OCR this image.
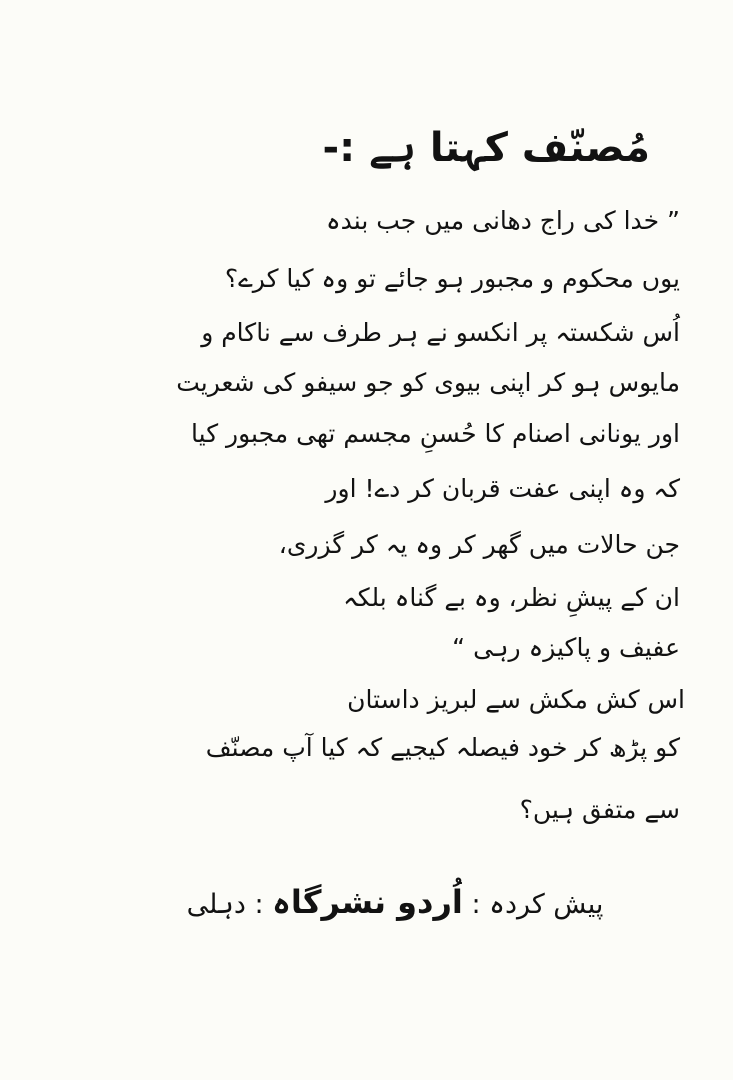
مُصنّف کہتا ہے :-
” خدا کی راج دھانی میں جب بندہ
یوں محکوم و مجبور ہو جائے تو وہ کیا کرے؟
اُس شکستہ پر انکسو نے ہر طرف سے ناکام و
مایوس ہو کر اپنی بیوی کو جو سیفو کی شعریت
اور یونانی اصنام کا حُسنِ مجسم تھی مجبور کیا
کہ وہ اپنی عفت قربان کر دے! اور
جن حالات میں گھر کر وہ یہ کر گزری،
ان کے پیشِ نظر، وہ بے گناہ بلکہ
عفیف و پاکیزہ رہی “
اس کش مکش سے لبریز داستان
کو پڑھ کر خود فیصلہ کیجیے کہ کیا آپ مصنّف
سے متفق ہیں؟
پیش کردہ : اُردو نشرگاہ : دہلی
